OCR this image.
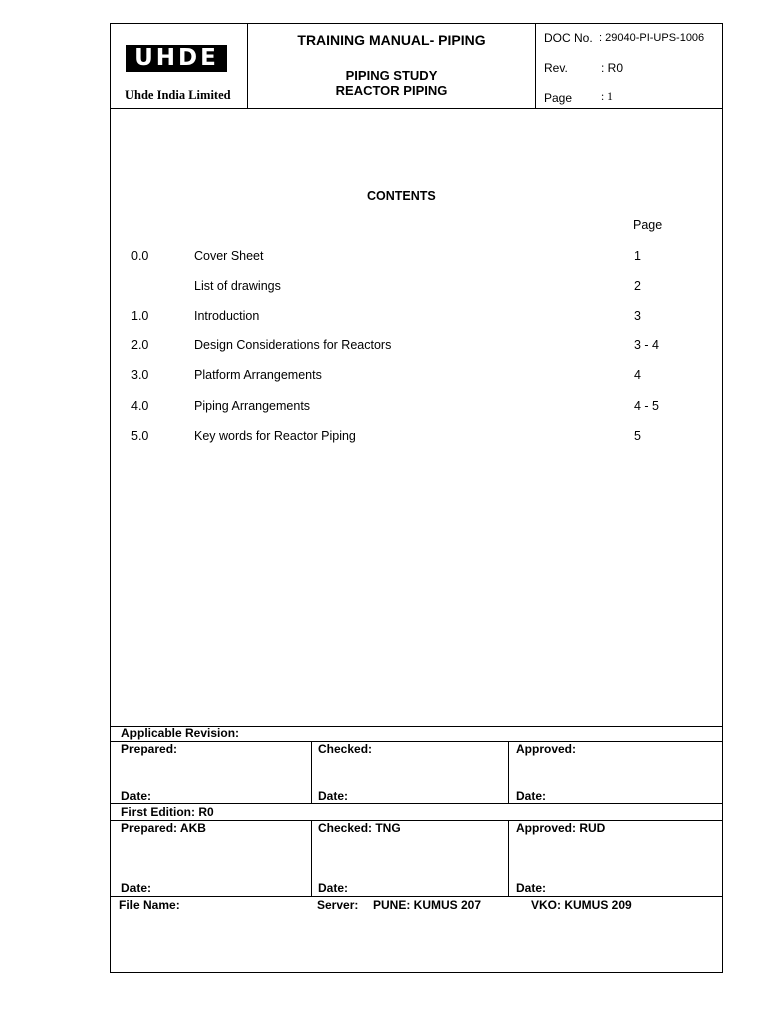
UHDE
Uhde India Limited
TRAINING MANUAL- PIPING
PIPING STUDY
REACTOR PIPING
DOC No. : 29040-PI-UPS-1006
Rev.	: R0
Page	: 1
CONTENTS
Page
0.0	Cover Sheet	1
List of drawings	2
1.0	Introduction	3
2.0	Design Considerations for Reactors	3 - 4
3.0	Platform Arrangements	4
4.0	Piping Arrangements	4 - 5
5.0	Key words for Reactor Piping	5
Applicable Revision:
Prepared:	Checked:	Approved:
Date:	Date:	Date:
First Edition: R0
Prepared: AKB	Checked: TNG	Approved: RUD
Date:	Date:	Date:
File Name:	Server: PUNE: KUMUS 207	VKO: KUMUS 209
